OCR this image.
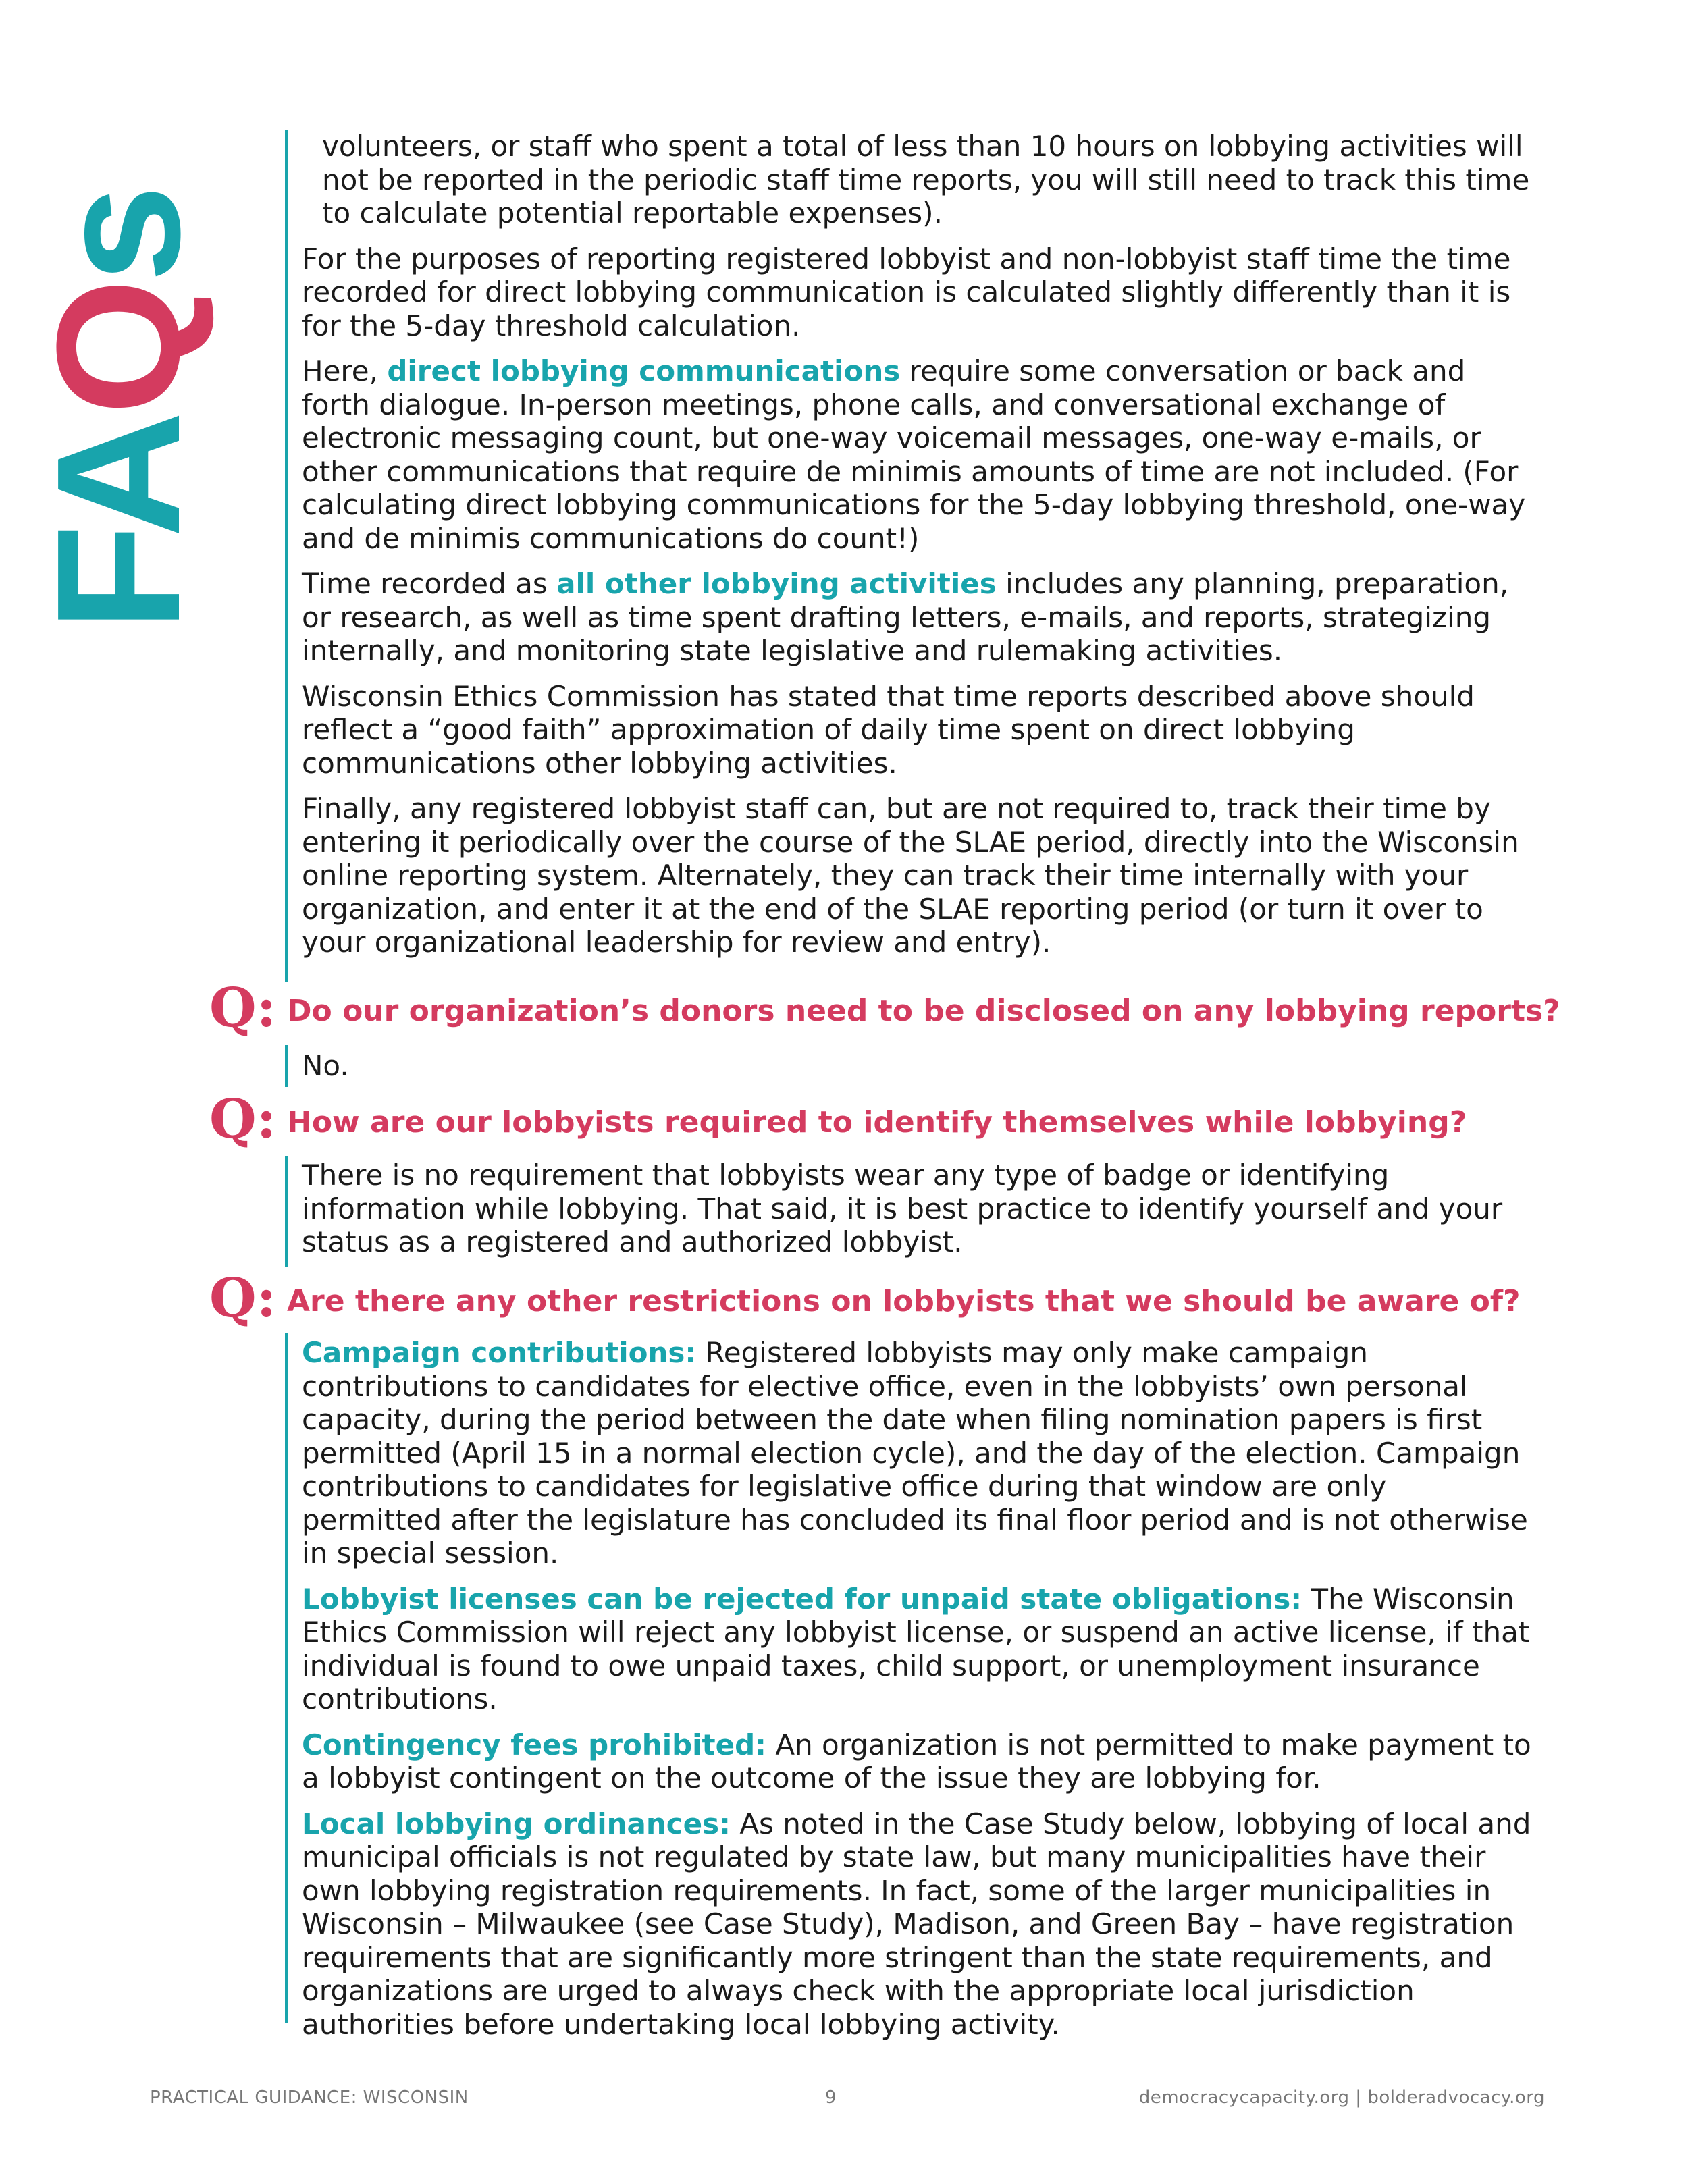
FAQs

volunteers, or staff who spent a total of less than 10 hours on lobbying activities will not be reported in the periodic staff time reports, you will still need to track this time to calculate potential reportable expenses).

For the purposes of reporting registered lobbyist and non-lobbyist staff time the time recorded for direct lobbying communication is calculated slightly differently than it is for the 5-day threshold calculation.

Here, direct lobbying communications require some conversation or back and forth dialogue. In-person meetings, phone calls, and conversational exchange of electronic messaging count, but one-way voicemail messages, one-way e-mails, or other communications that require de minimis amounts of time are not included. (For calculating direct lobbying communications for the 5-day lobbying threshold, one-way and de minimis communications do count!)

Time recorded as all other lobbying activities includes any planning, preparation, or research, as well as time spent drafting letters, e-mails, and reports, strategizing internally, and monitoring state legislative and rulemaking activities.

Wisconsin Ethics Commission has stated that time reports described above should reflect a “good faith” approximation of daily time spent on direct lobbying communications other lobbying activities.

Finally, any registered lobbyist staff can, but are not required to, track their time by entering it periodically over the course of the SLAE period, directly into the Wisconsin online reporting system. Alternately, they can track their time internally with your organization, and enter it at the end of the SLAE reporting period (or turn it over to your organizational leadership for review and entry).

Q: Do our organization’s donors need to be disclosed on any lobbying reports?

No.

Q: How are our lobbyists required to identify themselves while lobbying?

There is no requirement that lobbyists wear any type of badge or identifying information while lobbying. That said, it is best practice to identify yourself and your status as a registered and authorized lobbyist.

Q: Are there any other restrictions on lobbyists that we should be aware of?

Campaign contributions: Registered lobbyists may only make campaign contributions to candidates for elective office, even in the lobbyists’ own personal capacity, during the period between the date when filing nomination papers is first permitted (April 15 in a normal election cycle), and the day of the election. Campaign contributions to candidates for legislative office during that window are only permitted after the legislature has concluded its final floor period and is not otherwise in special session.

Lobbyist licenses can be rejected for unpaid state obligations: The Wisconsin Ethics Commission will reject any lobbyist license, or suspend an active license, if that individual is found to owe unpaid taxes, child support, or unemployment insurance contributions.

Contingency fees prohibited: An organization is not permitted to make payment to a lobbyist contingent on the outcome of the issue they are lobbying for.

Local lobbying ordinances: As noted in the Case Study below, lobbying of local and municipal officials is not regulated by state law, but many municipalities have their own lobbying registration requirements. In fact, some of the larger municipalities in Wisconsin – Milwaukee (see Case Study), Madison, and Green Bay – have registration requirements that are significantly more stringent than the state requirements, and organizations are urged to always check with the appropriate local jurisdiction authorities before undertaking local lobbying activity.

PRACTICAL GUIDANCE: WISCONSIN	9	democracycapacity.org | bolderadvocacy.org
